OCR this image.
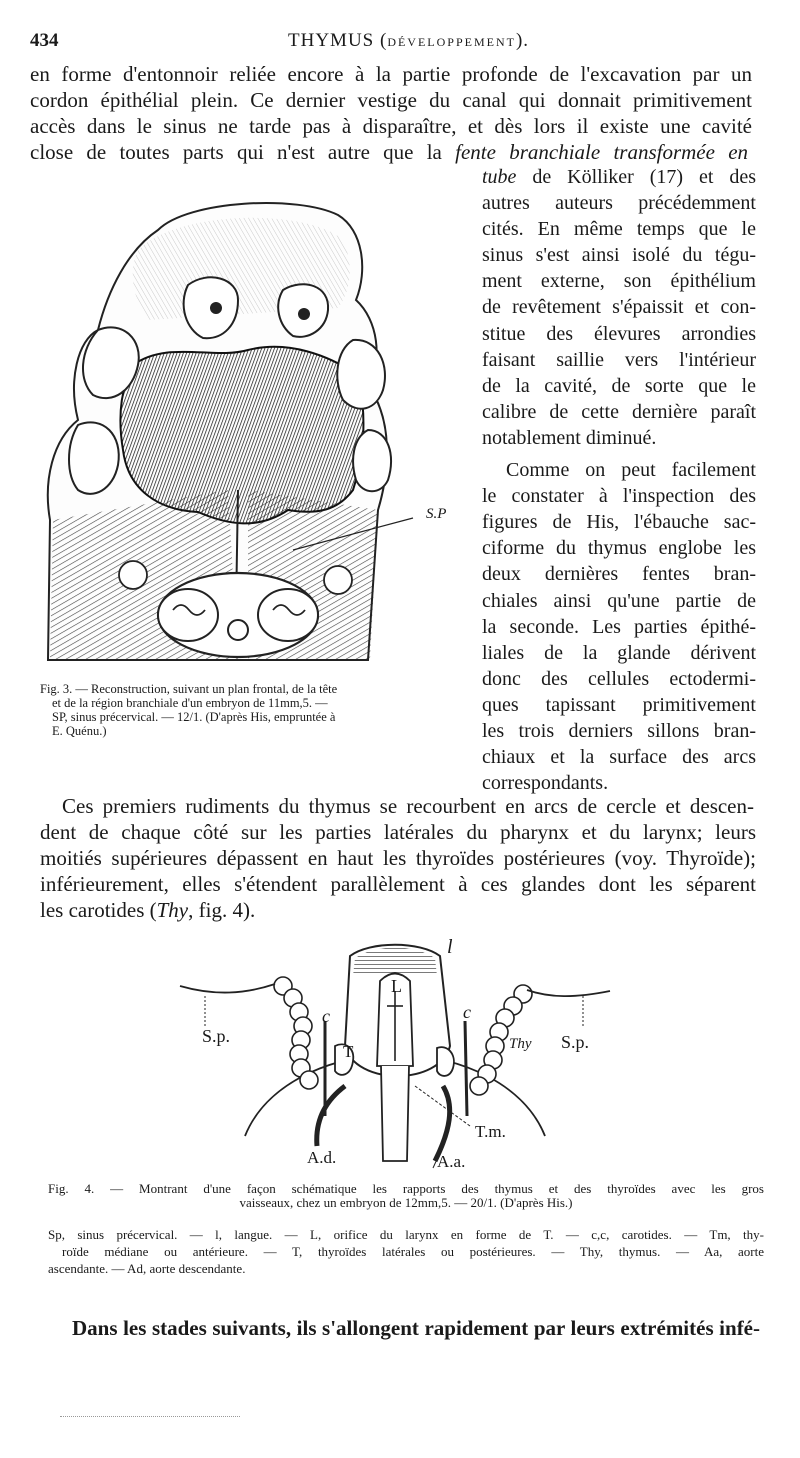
434	THYMUS (DÉVELOPPEMENT).
en forme d'entonnoir reliée encore à la partie profonde de l'excavation par un
cordon épithélial plein. Ce dernier vestige du canal qui donnait primitivement
accès dans le sinus ne tarde pas à disparaître, et dès lors il existe une cavité
close de toutes parts qui n'est autre que la fente branchiale transformée en
tube de Kölliker (17) et des
autres auteurs précédemment
cités. En même temps que le
sinus s'est ainsi isolé du tégu-
ment externe, son épithélium
de revêtement s'épaissit et con-
stitue des élevures arrondies
faisant saillie vers l'intérieur
de la cavité, de sorte que le
calibre de cette dernière paraît
notablement diminué.
Comme on peut facilement
le constater à l'inspection des
figures de His, l'ébauche sac-
ciforme du thymus englobe les
deux dernières fentes bran-
chiales ainsi qu'une partie de
la seconde. Les parties épithé-
liales de la glande dérivent
donc des cellules ectodermi-
ques tapissant primitivement
les trois derniers sillons bran-
chiaux et la surface des arcs
correspondants.
S.P
Fig. 3. — Reconstruction, suivant un plan frontal, de la tête
et de la région branchiale d'un embryon de 11mm,5. —
SP, sinus précervical. — 12/1. (D'après His, empruntée à
E. Quénu.)
Ces premiers rudiments du thymus se recourbent en arcs de cercle et descen-
dent de chaque côté sur les parties latérales du pharynx et du larynx; leurs
moitiés supérieures dépassent en haut les thyroïdes postérieures (voy. Thyroïde);
inférieurement, elles s'étendent parallèlement à ces glandes dont les séparent
les carotides (Thy, fig. 4).
l
L
c	c
S.p.	S.p.
T	Thy
T.m.
A.d.	A.a.
Fig. 4. — Montrant d'une façon schématique les rapports des thymus et des thyroïdes avec les gros
vaisseaux, chez un embryon de 12mm,5. — 20/1. (D'après His.)
Sp, sinus précervical. — l, langue. — L, orifice du larynx en forme de T. — c,c, carotides. — Tm, thy-
roïde médiane ou antérieure. — T, thyroïdes latérales ou postérieures. — Thy, thymus. — Aa, aorte
ascendante. — Ad, aorte descendante.
Dans les stades suivants, ils s'allongent rapidement par leurs extrémités infé-
